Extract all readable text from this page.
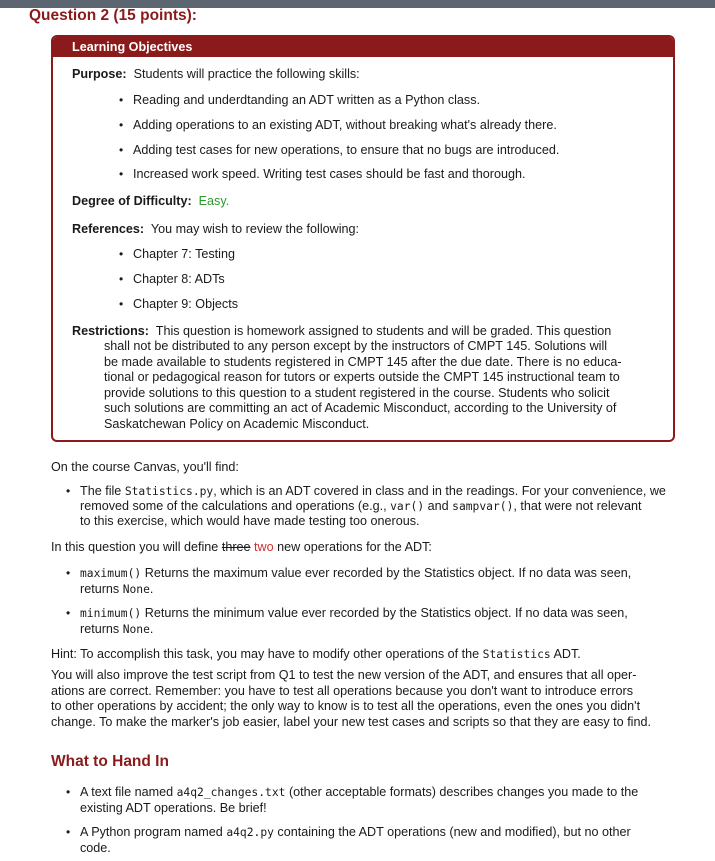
Question 2 (15 points):
Learning Objectives
Purpose: Students will practice the following skills:
• Reading and underdtanding an ADT written as a Python class.
• Adding operations to an existing ADT, without breaking what's already there.
• Adding test cases for new operations, to ensure that no bugs are introduced.
• Increased work speed. Writing test cases should be fast and thorough.
Degree of Difficulty: Easy.
References: You may wish to review the following:
• Chapter 7: Testing
• Chapter 8: ADTs
• Chapter 9: Objects
Restrictions: This question is homework assigned to students and will be graded. This question
shall not be distributed to any person except by the instructors of CMPT 145. Solutions will
be made available to students registered in CMPT 145 after the due date. There is no educa-
tional or pedagogical reason for tutors or experts outside the CMPT 145 instructional team to
provide solutions to this question to a student registered in the course. Students who solicit
such solutions are committing an act of Academic Misconduct, according to the University of
Saskatchewan Policy on Academic Misconduct.
On the course Canvas, you'll find:
• The file Statistics.py, which is an ADT covered in class and in the readings. For your convenience, we
removed some of the calculations and operations (e.g., var() and sampvar(), that were not relevant
to this exercise, which would have made testing too onerous.
In this question you will define three two new operations for the ADT:
• maximum() Returns the maximum value ever recorded by the Statistics object. If no data was seen,
returns None.
• minimum() Returns the minimum value ever recorded by the Statistics object. If no data was seen,
returns None.
Hint: To accomplish this task, you may have to modify other operations of the Statistics ADT.
You will also improve the test script from Q1 to test the new version of the ADT, and ensures that all oper-
ations are correct. Remember: you have to test all operations because you don't want to introduce errors
to other operations by accident; the only way to know is to test all the operations, even the ones you didn't
change. To make the marker's job easier, label your new test cases and scripts so that they are easy to find.
What to Hand In
• A text file named a4q2_changes.txt (other acceptable formats) describes changes you made to the
existing ADT operations. Be brief!
• A Python program named a4q2.py containing the ADT operations (new and modified), but no other
code.
